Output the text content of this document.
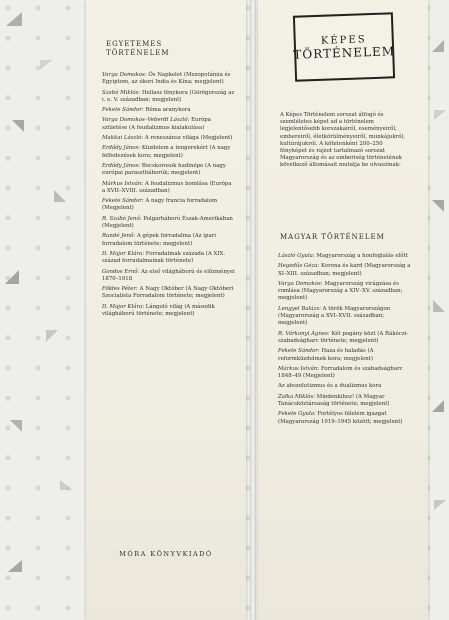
EGYETEMES
TÖRTÉNELEM
Varga Domokos: Ős Napkelet (Mezopotámia és Egyiptom, az ókori India és Kína; megjelent)
Szabó Miklós: Hellasz fénykora (Görögország az i. e. V. században; megjelent)
Fekete Sándor: Róma aranykora
Varga Domokos–Veberdi László: Európa születése (A feudalizmus kialakulása)
Makkai László: A reneszánsz világa (Megjelent)
Erdődy János: Küzdelem a tengerekért (A nagy felfedezések kora; megjelent)
Erdődy János: Bocskorosok hadinépe (A nagy európai parasztháborúk; megjelent)
Márkus István: A feudalizmus bomlása (Európa a XVII–XVIII. században)
Fekete Sándor: A nagy francia forradalom (Megjelent)
R. Szabó Jenő: Polgárháború Észak-Amerikában (Megjelent)
Randé Jenő: A gépek forradalma (Az ipari forradalom története; megjelent)
D. Major Klára: Forradalmak százada (A XIX. század forradalmainak története)
Gondos Ernő: Az első világháború és előzményei 1870–1918
Földes Péter: A Nagy Október (A Nagy Októberi Szocialista Forradalom története; megjelent)
D. Major Klára: Lángoló világ (A második világháború története; megjelent)
MÓRA KÖNYVKIADÓ
KÉPES
TÖRTÉNELEM
A Képes Történelem sorozat átfogó és szemléletes képet ad a történelem legjelentősebb korszakairól, eseményeiről, embereiről, életkörülményeiről, munkájukról, kultúrájukról. A kötetenként 200–250 fényképet és rajzot tartalmazó sorozat Magyarország és az emberiség történetének következő állomásait mutatja be olvasóinak:
MAGYAR TÖRTÉNELEM
László Gyula: Magyarország a honfoglalás előtt
Hegedűs Géza: Korona és kard (Magyarország a XI–XIII. században; megjelent)
Varga Domokos: Magyarország virágzása és romlása (Magyarország a XIV–XV. században; megjelent)
Lengyel Balázs: A török Magyarországon (Magyarország a XVI–XVII. században; megjelent)
R. Várkonyi Ágnes: Két pogány közt (A Rákóczi-szabadságharc története; megjelent)
Fekete Sándor: Haza és haladás (A reformküzdelmek kora; megjelent)
Márkus István: Forradalom és szabadságharc 1848–49 (Megjelent)
Az abszolutizmus és a dualizmus kora
Zalka Miklós: Mindenkihez! (A Magyar Tanácsköztársaság története; megjelent)
Fekete Gyula: Fortélyos félelem igazgat (Magyarország 1919–1945 között; megjelent)
